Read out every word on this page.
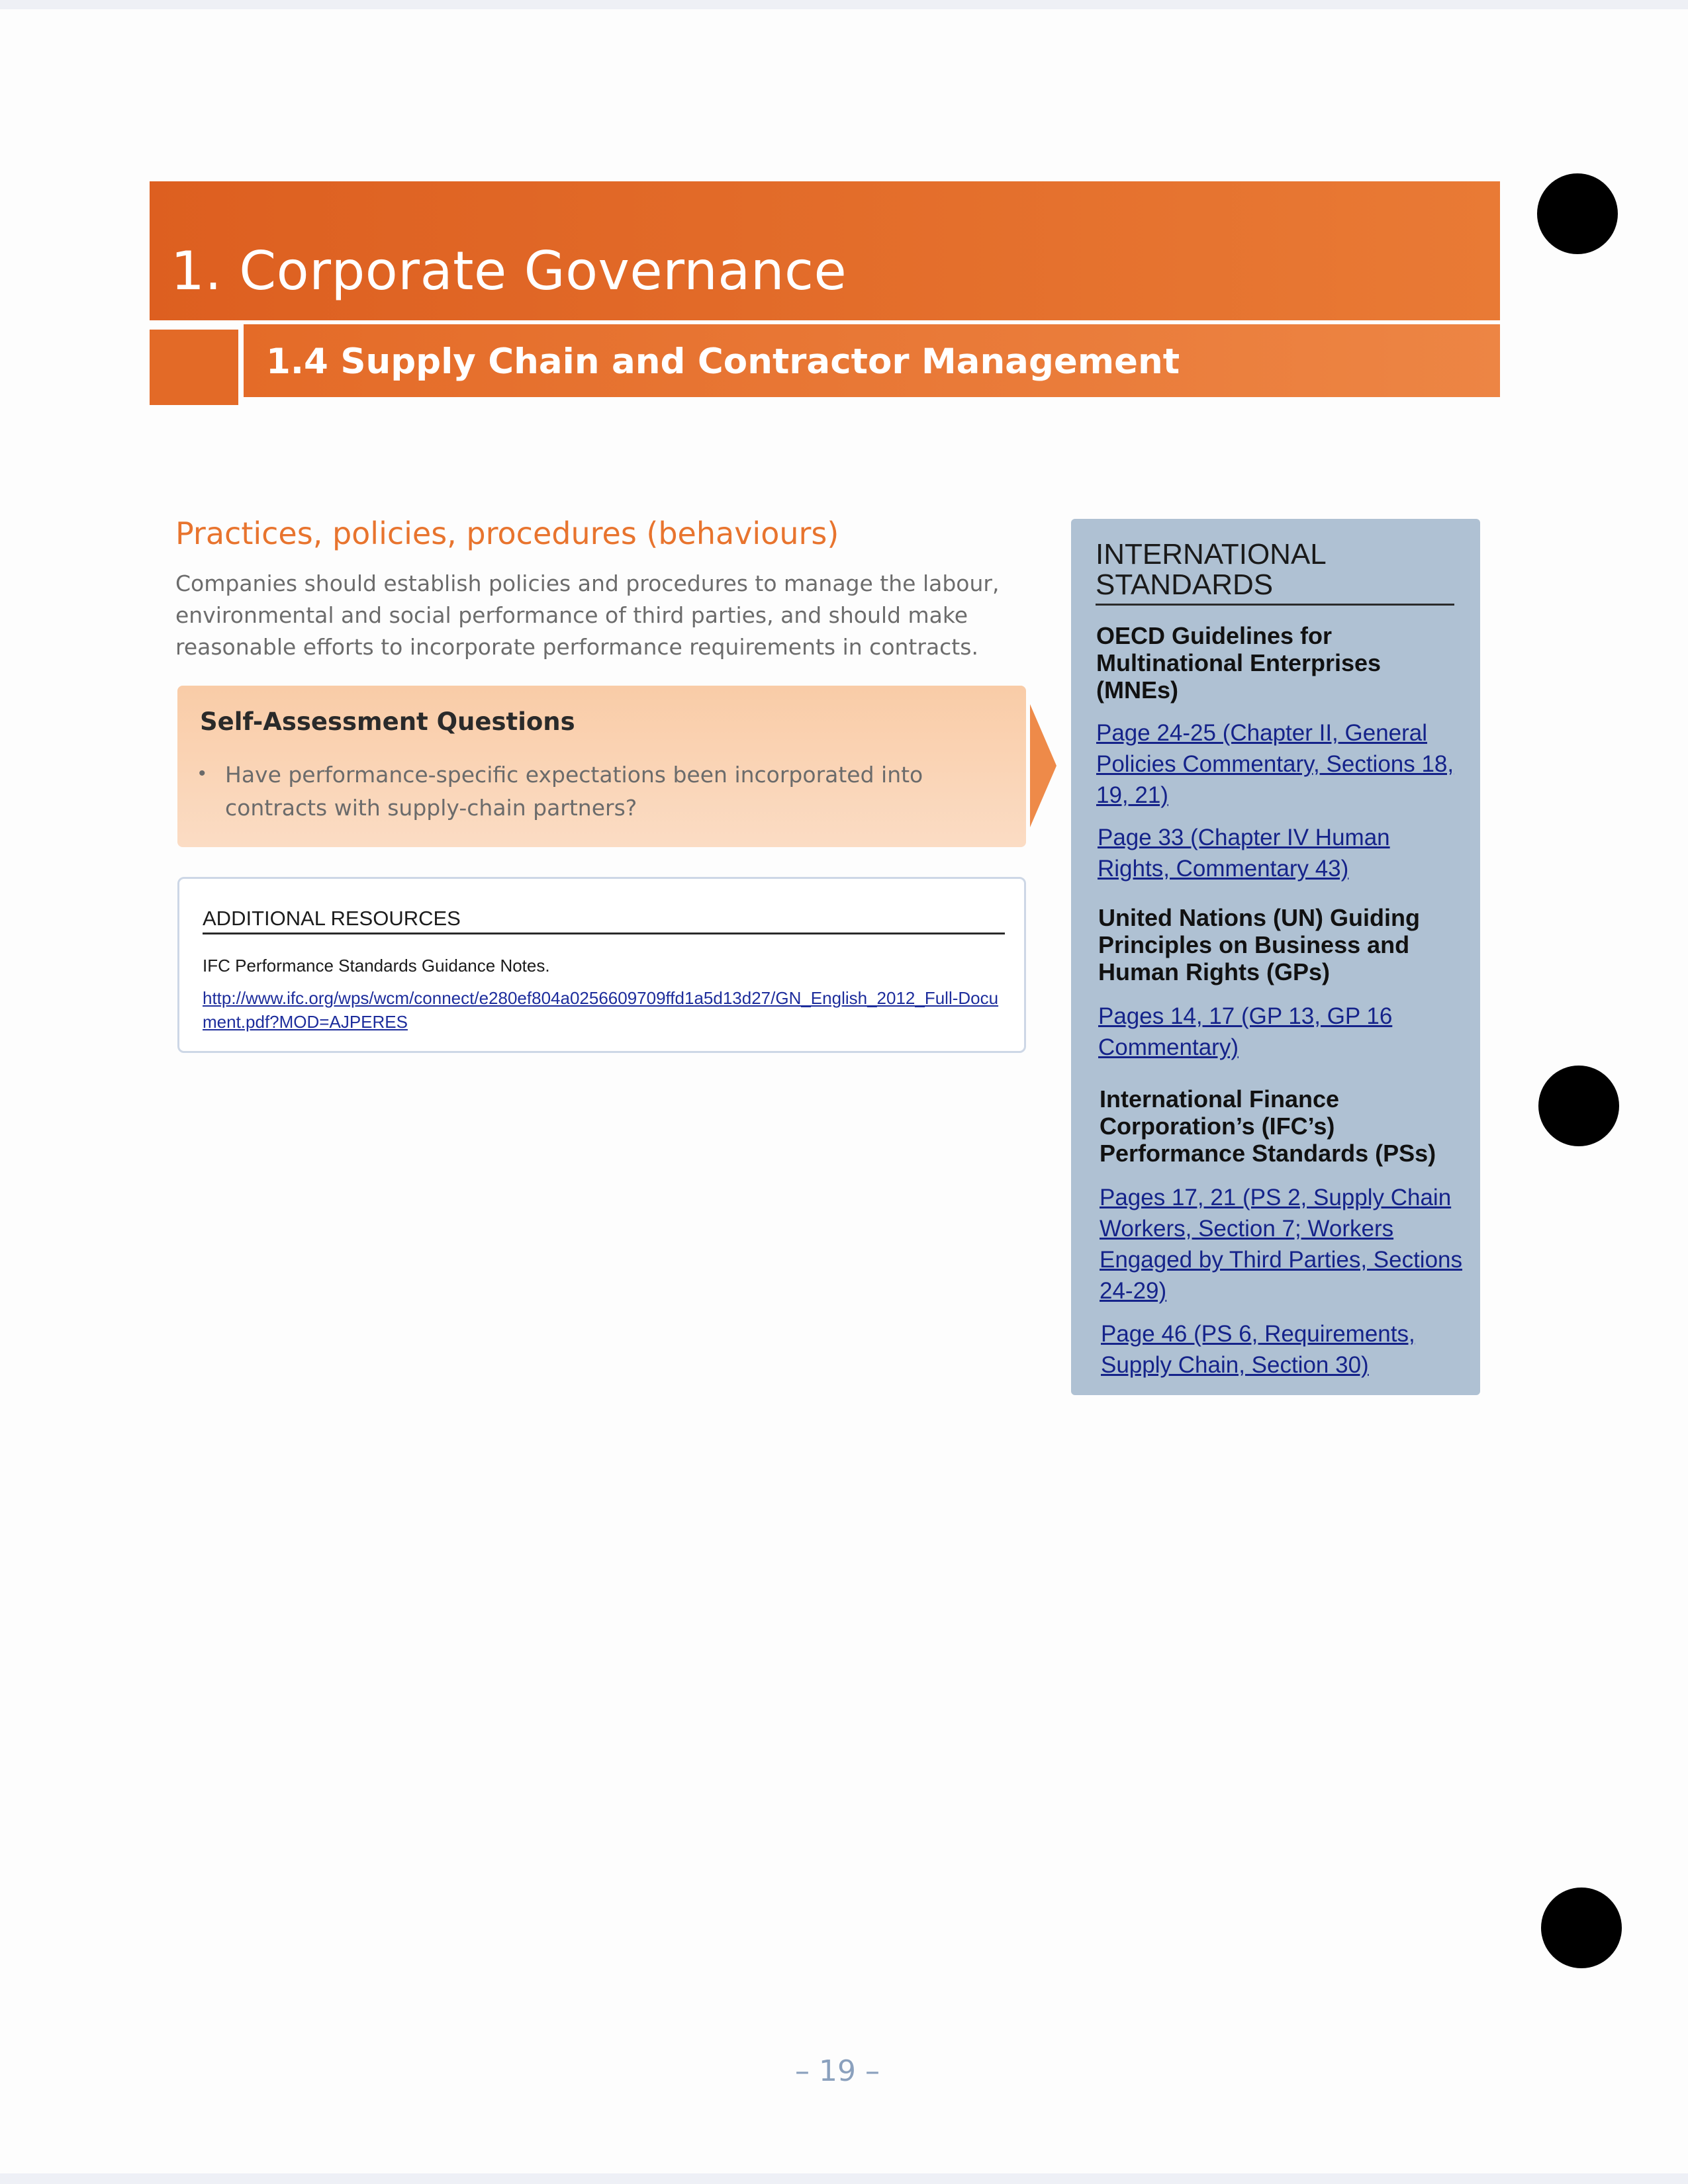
1. Corporate Governance
1.4 Supply Chain and Contractor Management
Practices, policies, procedures (behaviours)

Companies should establish policies and procedures to manage the labour, environmental and social performance of third parties, and should make reasonable efforts to incorporate performance requirements in contracts.

Self-Assessment Questions
• Have performance-specific expectations been incorporated into contracts with supply-chain partners?

ADDITIONAL RESOURCES

IFC Performance Standards Guidance Notes.

http://www.ifc.org/wps/wcm/connect/e280ef804a0256609709ffd1a5d13d27/GN_English_2012_Full-Document.pdf?MOD=AJPERES
INTERNATIONAL STANDARDS
OECD Guidelines for Multinational Enterprises (MNEs)
Page 24-25 (Chapter II, General Policies Commentary, Sections 18, 19, 21)
Page 33 (Chapter IV Human Rights, Commentary 43)
United Nations (UN) Guiding Principles on Business and Human Rights (GPs)
Pages 14, 17 (GP 13, GP 16 Commentary)
International Finance Corporation’s (IFC’s) Performance Standards (PSs)
Pages 17, 21 (PS 2, Supply Chain Workers, Section 7; Workers Engaged by Third Parties, Sections 24-29)
Page 46 (PS 6, Requirements, Supply Chain, Section 30)

– 19 –
